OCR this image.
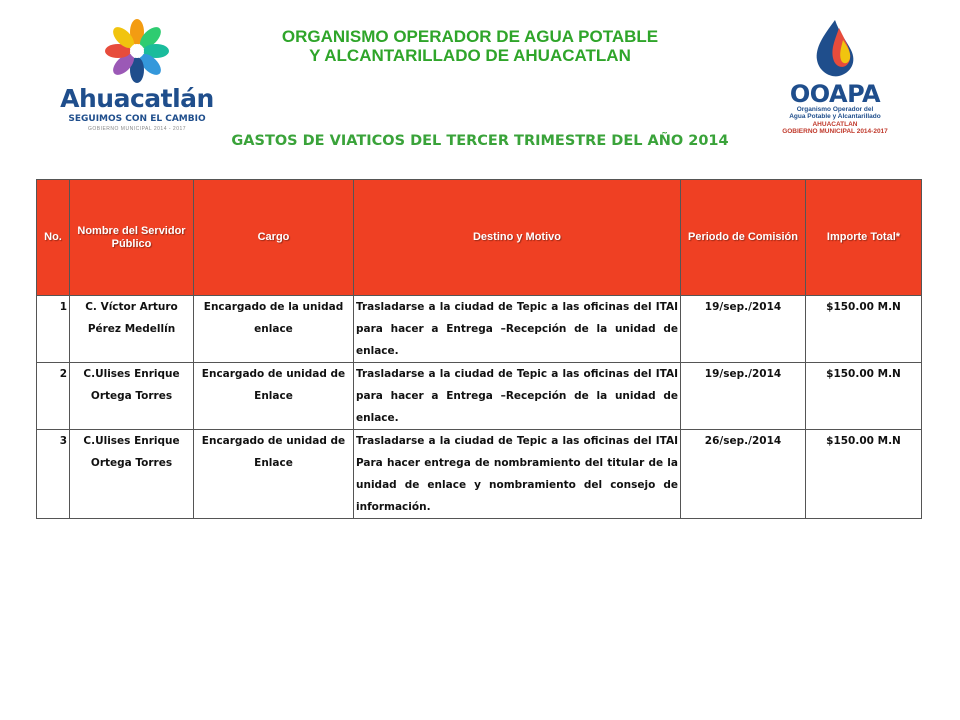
Ahuacatlán
SEGUIMOS CON EL CAMBIO
GOBIERNO MUNICIPAL 2014 - 2017
ORGANISMO OPERADOR DE AGUA POTABLE
Y ALCANTARILLADO DE AHUACATLAN
GASTOS DE VIATICOS DEL TERCER TRIMESTRE DEL AÑO 2014
OOAPA
Organismo Operador del
Agua Potable y Alcantarillado
AHUACATLAN
GOBIERNO MUNICIPAL 2014-2017
No.	Nombre del Servidor Público	Cargo	Destino y Motivo	Periodo de Comisión	Importe Total*
1	C. Víctor Arturo Pérez Medellín	Encargado de la unidad enlace	Trasladarse a la ciudad de Tepic a las oficinas del ITAI para hacer a Entrega –Recepción de la unidad de enlace.	19/sep./2014	$150.00 M.N
2	C.Ulises Enrique Ortega Torres	Encargado de unidad de Enlace	Trasladarse a la ciudad de Tepic a las oficinas del ITAI para hacer a Entrega –Recepción de la unidad de enlace.	19/sep./2014	$150.00 M.N
3	C.Ulises Enrique Ortega Torres	Encargado de unidad de Enlace	Trasladarse a la ciudad de Tepic a las oficinas del ITAI Para hacer entrega de nombramiento del titular de la unidad de enlace y nombramiento del consejo de información.	26/sep./2014	$150.00 M.N
